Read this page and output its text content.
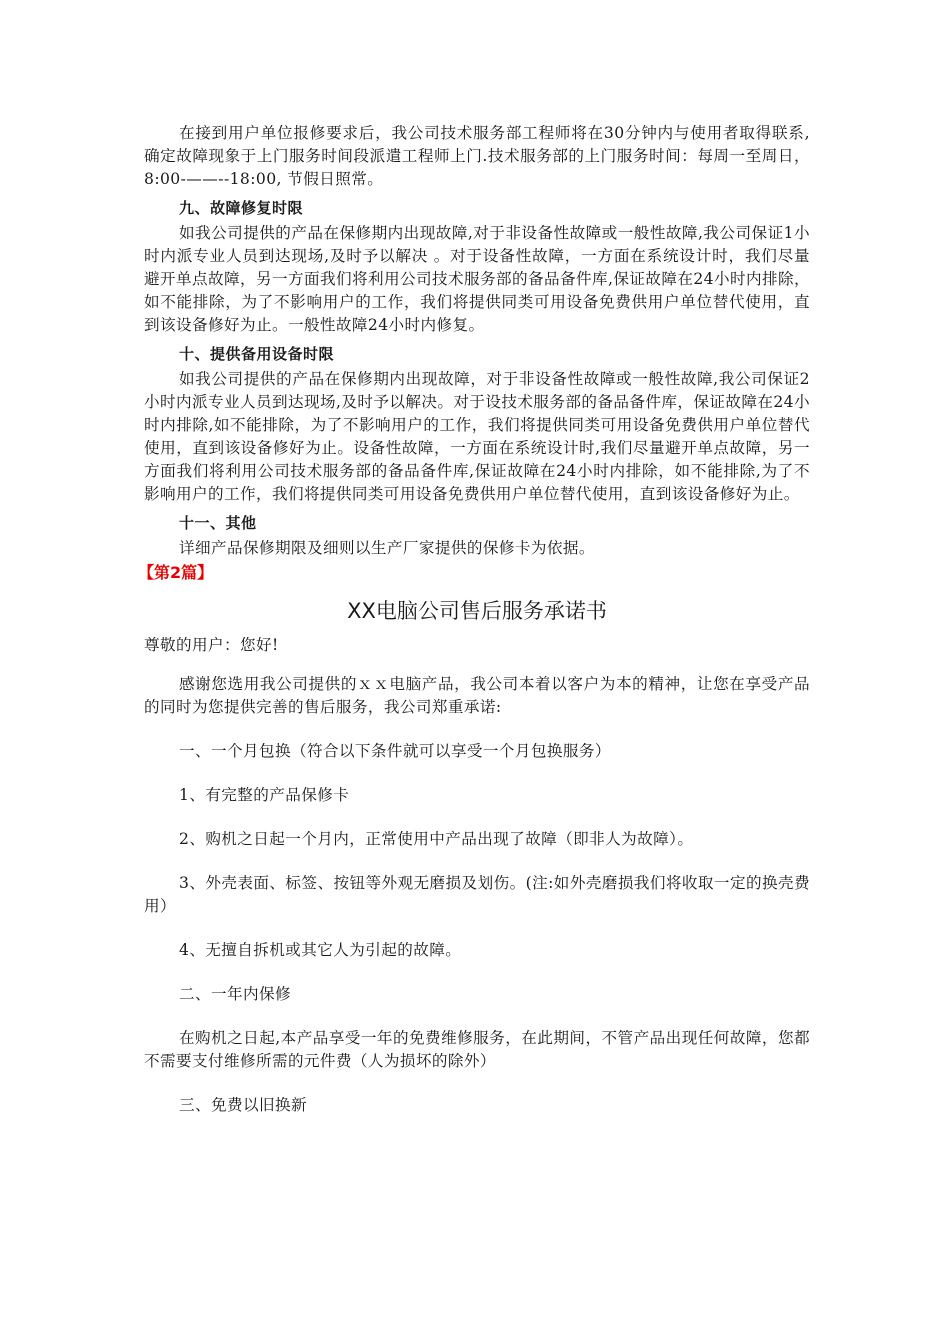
在接到用户单位报修要求后，我公司技术服务部工程师将在30分钟内与使用者取得联系,确定故障现象于上门服务时间段派遣工程师上门.技术服务部的上门服务时间：每周一至周日，8:00-——--18:00, 节假日照常。

九、故障修复时限

如我公司提供的产品在保修期内出现故障,对于非设备性故障或一般性故障,我公司保证1小时内派专业人员到达现场,及时予以解决 。对于设备性故障，一方面在系统设计时，我们尽量避开单点故障，另一方面我们将利用公司技术服务部的备品备件库,保证故障在24小时内排除，如不能排除，为了不影响用户的工作，我们将提供同类可用设备免费供用户单位替代使用，直到该设备修好为止。一般性故障24小时内修复。

十、提供备用设备时限

如我公司提供的产品在保修期内出现故障，对于非设备性故障或一般性故障,我公司保证2小时内派专业人员到达现场,及时予以解决。对于设技术服务部的备品备件库，保证故障在24小时内排除,如不能排除，为了不影响用户的工作，我们将提供同类可用设备免费供用户单位替代使用，直到该设备修好为止。设备性故障，一方面在系统设计时,我们尽量避开单点故障，另一方面我们将利用公司技术服务部的备品备件库,保证故障在24小时内排除，如不能排除,为了不影响用户的工作，我们将提供同类可用设备免费供用户单位替代使用，直到该设备修好为止。

十一、其他

详细产品保修期限及细则以生产厂家提供的保修卡为依据。

【第2篇】
XX电脑公司售后服务承诺书

尊敬的用户：您好!

感谢您选用我公司提供的ｘｘ电脑产品，我公司本着以客户为本的精神，让您在享受产品的同时为您提供完善的售后服务，我公司郑重承诺:

一、一个月包换（符合以下条件就可以享受一个月包换服务）

1、有完整的产品保修卡

2、购机之日起一个月内，正常使用中产品出现了故障（即非人为故障）。

3、外壳表面、标签、按钮等外观无磨损及划伤。(注:如外壳磨损我们将收取一定的换壳费用）

4、无擅自拆机或其它人为引起的故障。

二、一年内保修

在购机之日起,本产品享受一年的免费维修服务，在此期间，不管产品出现任何故障，您都不需要支付维修所需的元件费（人为损坏的除外）

三、免费以旧换新
